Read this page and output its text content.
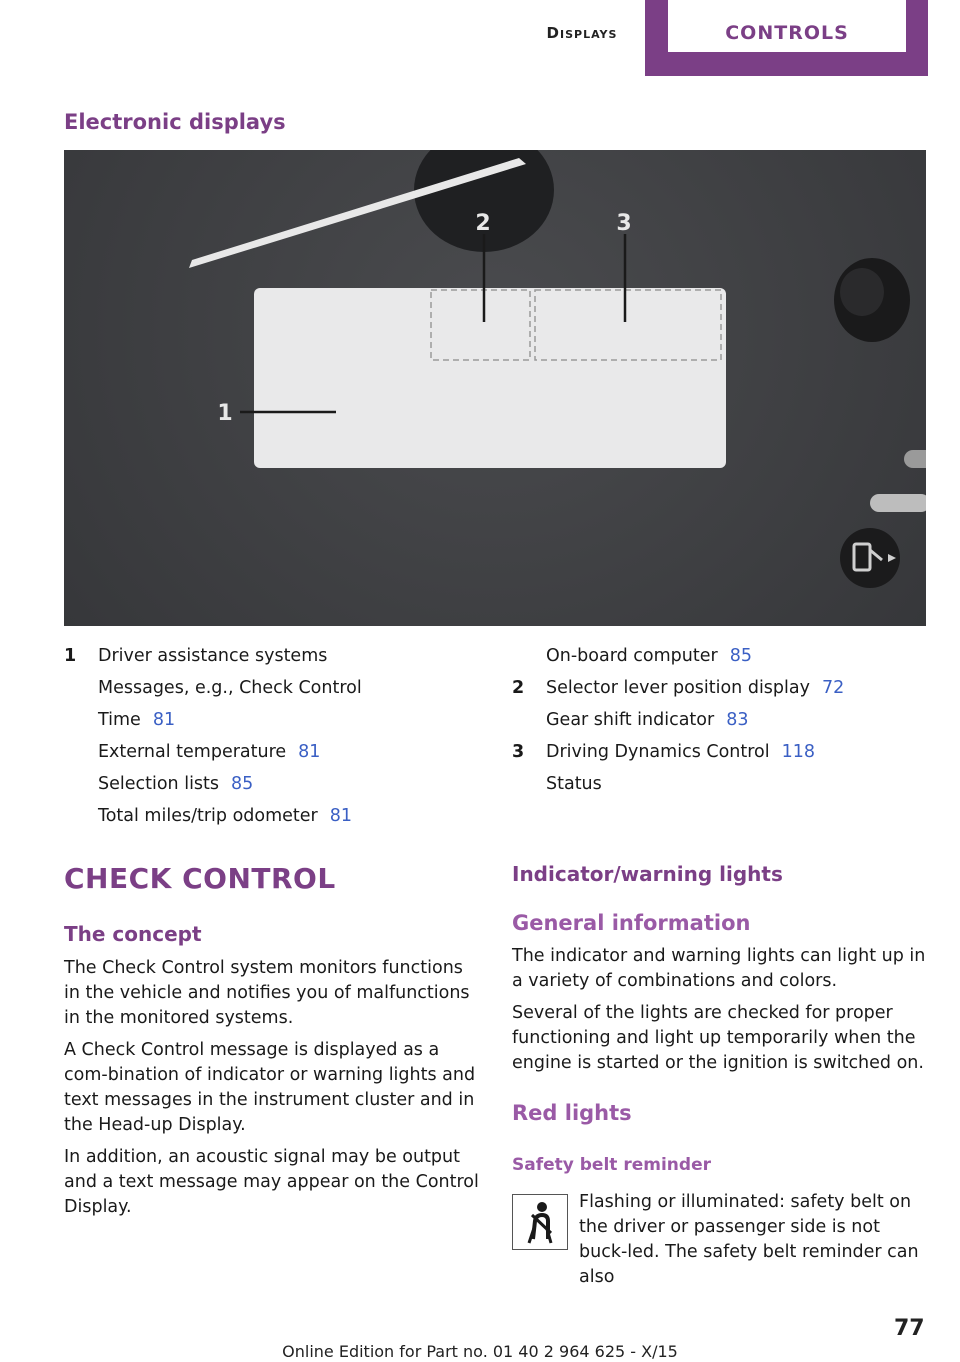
Displays	CONTROLS
Electronic displays
2	3
1
1 Driver assistance systems
Messages, e.g., Check Control
Time 81
External temperature 81
Selection lists 85
Total miles/trip odometer 81
On-board computer 85
2 Selector lever position display 72
Gear shift indicator 83
3 Driving Dynamics Control 118
Status
CHECK CONTROL
The concept
The Check Control system monitors functions in the vehicle and notifies you of malfunctions in the monitored systems.
A Check Control message is displayed as a com-bination of indicator or warning lights and text messages in the instrument cluster and in the Head-up Display.
In addition, an acoustic signal may be output and a text message may appear on the Control Display.
Indicator/warning lights
General information
The indicator and warning lights can light up in a variety of combinations and colors.
Several of the lights are checked for proper functioning and light up temporarily when the engine is started or the ignition is switched on.
Red lights
Safety belt reminder
Flashing or illuminated: safety belt on the driver or passenger side is not buck-led. The safety belt reminder can also
77
Online Edition for Part no. 01 40 2 964 625 - X/15
